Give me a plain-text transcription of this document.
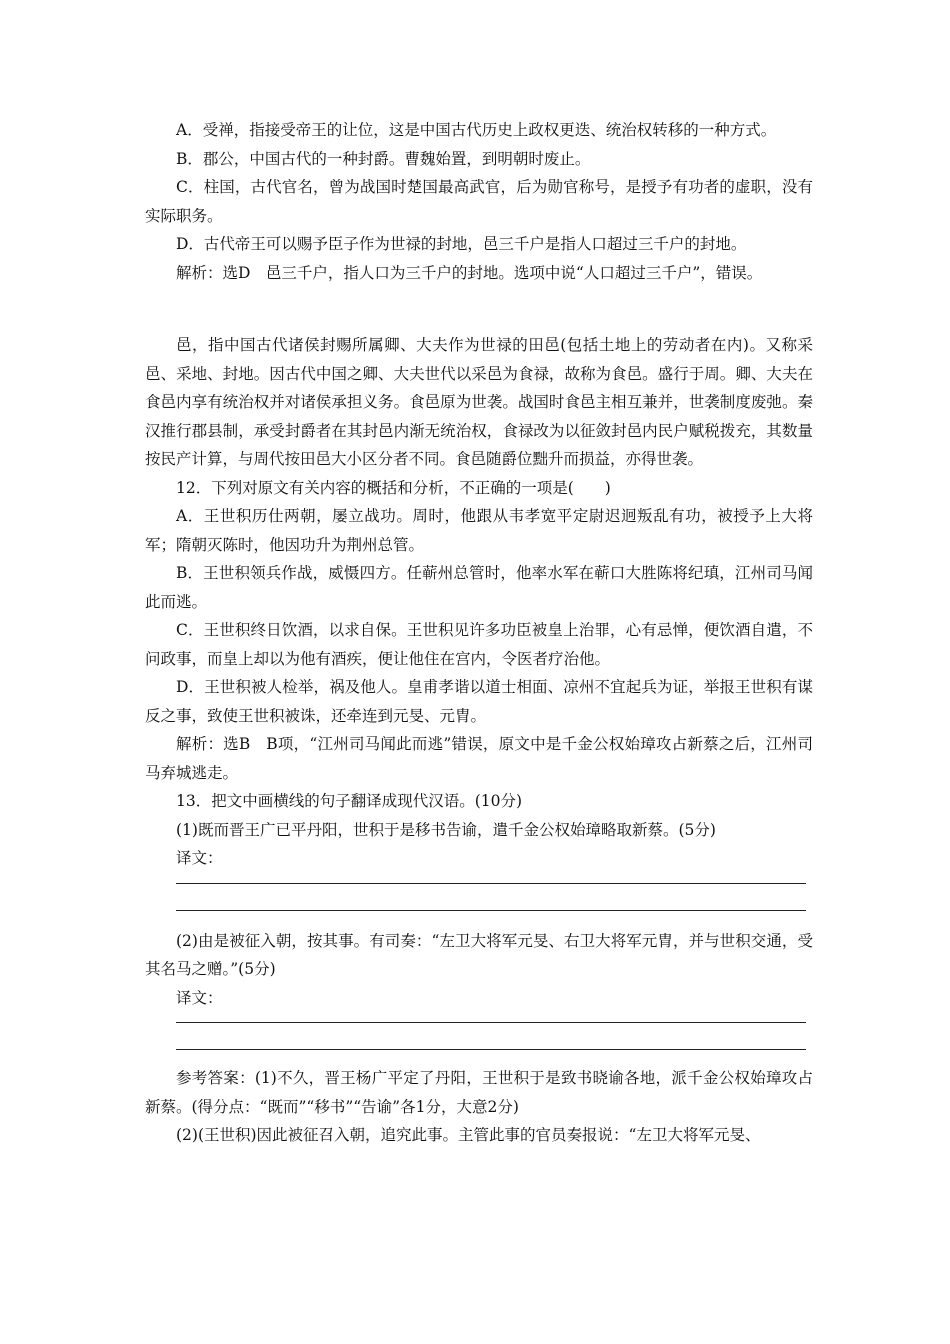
A．受禅，指接受帝王的让位，这是中国古代历史上政权更迭、统治权转移的一种方式。

B．郡公，中国古代的一种封爵。曹魏始置，到明朝时废止。

C．柱国，古代官名，曾为战国时楚国最高武官，后为勋官称号，是授予有功者的虚职，没有实际职务。

D．古代帝王可以赐予臣子作为世禄的封地，邑三千户是指人口超过三千户的封地。

解析：选D　邑三千户，指人口为三千户的封地。选项中说“人口超过三千户”，错误。

邑，指中国古代诸侯封赐所属卿、大夫作为世禄的田邑(包括土地上的劳动者在内)。又称采邑、采地、封地。因古代中国之卿、大夫世代以采邑为食禄，故称为食邑。盛行于周。卿、大夫在食邑内享有统治权并对诸侯承担义务。食邑原为世袭。战国时食邑主相互兼并，世袭制度废弛。秦汉推行郡县制，承受封爵者在其封邑内渐无统治权，食禄改为以征敛封邑内民户赋税拨充，其数量按民产计算，与周代按田邑大小区分者不同。食邑随爵位黜升而损益，亦得世袭。

12．下列对原文有关内容的概括和分析，不正确的一项是(　　)

A．王世积历仕两朝，屡立战功。周时，他跟从韦孝宽平定尉迟迥叛乱有功，被授予上大将军；隋朝灭陈时，他因功升为荆州总管。

B．王世积领兵作战，威慑四方。任蕲州总管时，他率水军在蕲口大胜陈将纪瑱，江州司马闻此而逃。

C．王世积终日饮酒，以求自保。王世积见许多功臣被皇上治罪，心有忌惮，便饮酒自遣，不问政事，而皇上却以为他有酒疾，便让他住在宫内，令医者疗治他。

D．王世积被人检举，祸及他人。皇甫孝谐以道士相面、凉州不宜起兵为证，举报王世积有谋反之事，致使王世积被诛，还牵连到元旻、元胄。

解析：选B　B项，“江州司马闻此而逃”错误，原文中是千金公权始璋攻占新蔡之后，江州司马弃城逃走。

13．把文中画横线的句子翻译成现代汉语。(10分)

(1)既而晋王广已平丹阳，世积于是移书告谕，遣千金公权始璋略取新蔡。(5分)

译文：

(2)由是被征入朝，按其事。有司奏：“左卫大将军元旻、右卫大将军元胄，并与世积交通，受其名马之赠。”(5分)

译文：

参考答案：(1)不久，晋王杨广平定了丹阳，王世积于是致书晓谕各地，派千金公权始璋攻占新蔡。(得分点：“既而”“移书”“告谕”各1分，大意2分)

(2)(王世积)因此被征召入朝，追究此事。主管此事的官员奏报说：“左卫大将军元旻、
